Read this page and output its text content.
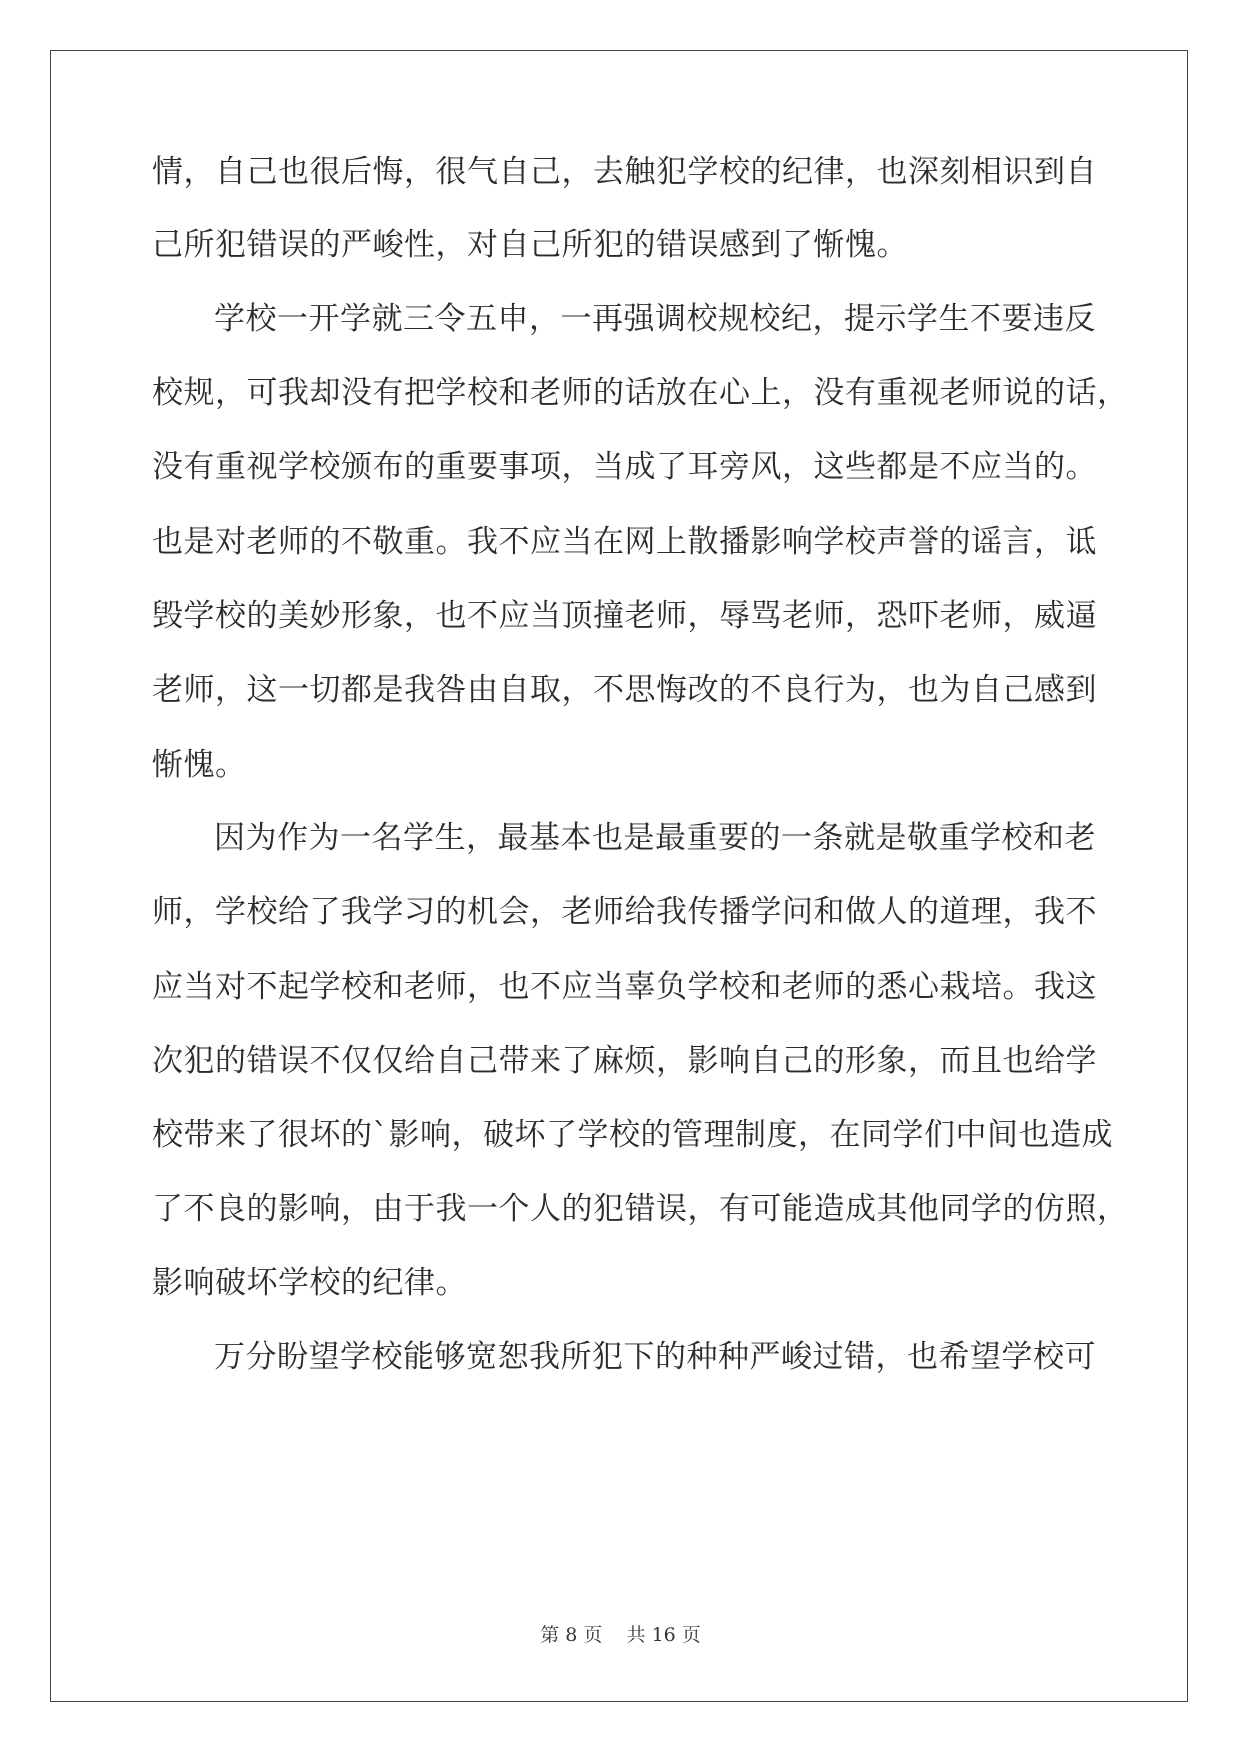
情，自己也很后悔，很气自己，去触犯学校的纪律，也深刻相识到自
己所犯错误的严峻性，对自己所犯的错误感到了惭愧。
学校一开学就三令五申，一再强调校规校纪，提示学生不要违反
校规，可我却没有把学校和老师的话放在心上，没有重视老师说的话，
没有重视学校颁布的重要事项，当成了耳旁风，这些都是不应当的。
也是对老师的不敬重。我不应当在网上散播影响学校声誉的谣言，诋
毁学校的美妙形象，也不应当顶撞老师，辱骂老师，恐吓老师，威逼
老师，这一切都是我咎由自取，不思悔改的不良行为，也为自己感到
惭愧。
因为作为一名学生，最基本也是最重要的一条就是敬重学校和老
师，学校给了我学习的机会，老师给我传播学问和做人的道理，我不
应当对不起学校和老师，也不应当辜负学校和老师的悉心栽培。我这
次犯的错误不仅仅给自己带来了麻烦，影响自己的形象，而且也给学
校带来了很坏的`影响，破坏了学校的管理制度，在同学们中间也造成
了不良的影响，由于我一个人的犯错误，有可能造成其他同学的仿照，
影响破坏学校的纪律。
万分盼望学校能够宽恕我所犯下的种种严峻过错，也希望学校可
第 8 页 共 16 页
